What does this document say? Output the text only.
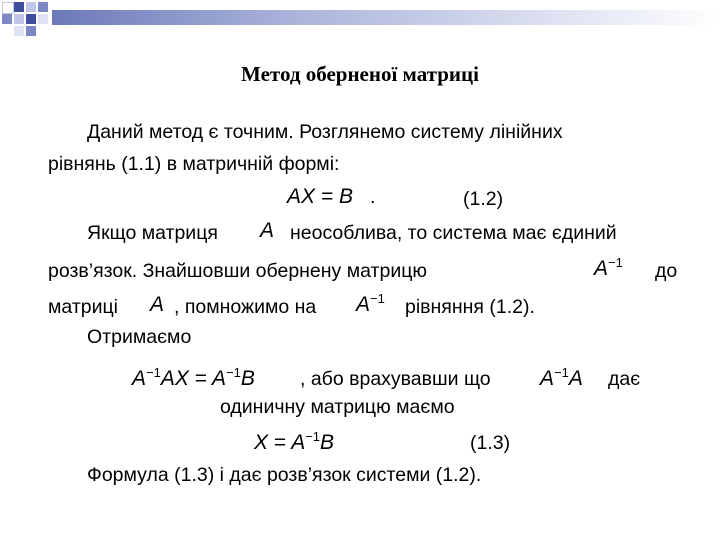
Метод оберненої матриці
Даний метод є точним. Розглянемо систему лінійних
рівнянь (1.1) в матричній формі:
AX = B .	(1.2)
Якщо матриця A неособлива, то система має єдиний
розв’язок. Знайшовши обернену матрицю	$A^{-1}$ до
матриці A , помножимо на $A^{-1}$ рівняння (1.2).
Отримаємо
$A^{-1}AX = A^{-1}B$ , або врахувавши що $A^{-1}A$ дає
одиничну матрицю маємо
$X = A^{-1}B$	(1.3)
Формула (1.3) і дає розв’язок системи (1.2).
